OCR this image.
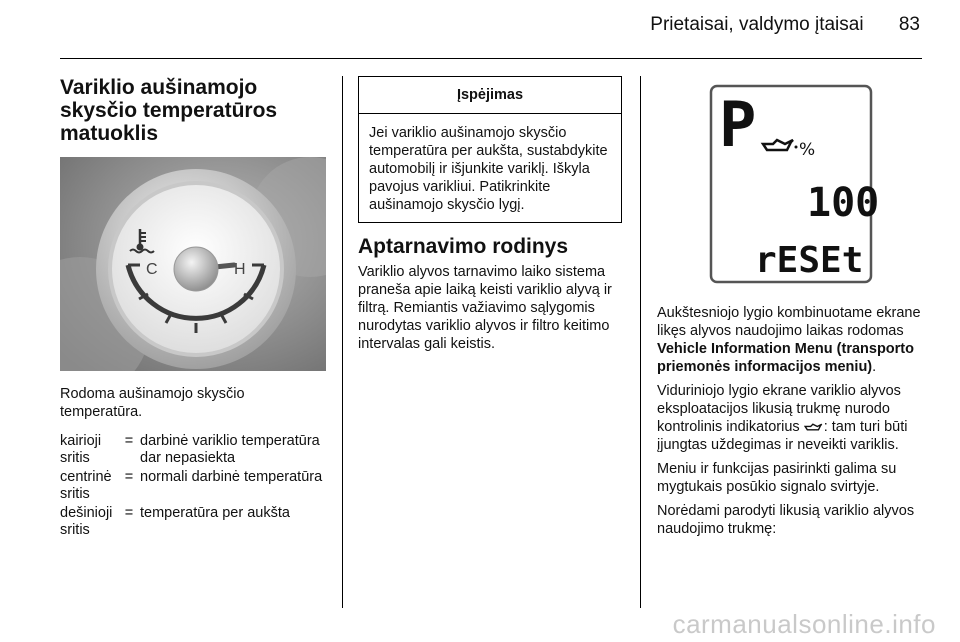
Prietaisai, valdymo įtaisai 83
Variklio aušinamojo skysčio temperatūros matuoklis
C	H

Rodoma aušinamojo skysčio temperatūra.

kairioji sritis
= darbinė variklio temperatūra dar nepasiekta
centrinė sritis
= normali darbinė temperatūra
dešinioji sritis
= temperatūra per aukšta
Įspėjimas
Jei variklio aušinamojo skysčio temperatūra per aukšta, sustabdykite automobilį ir išjunkite variklį. Iškyla pavojus varikliui. Patikrinkite aušinamojo skysčio lygį.
Aptarnavimo rodinys

Variklio alyvos tarnavimo laiko sistema praneša apie laiką keisti variklio alyvą ir filtrą. Remiantis važiavimo sąlygomis nurodytas variklio alyvos ir filtro keitimo intervalas gali keistis.

P	%
100
rESEt

Aukštesniojo lygio kombinuotame ekrane likęs alyvos naudojimo laikas rodomas Vehicle Information Menu (transporto priemonės informacijos meniu).

Viduriniojo lygio ekrane variklio alyvos eksploatacijos likusią trukmę nurodo kontrolinis indikatorius : tam turi būti įjungtas uždegimas ir neveikti variklis.

Meniu ir funkcijas pasirinkti galima su mygtukais posūkio signalo svirtyje.

Norėdami parodyti likusią variklio alyvos naudojimo trukmę:

carmanualsonline.info
